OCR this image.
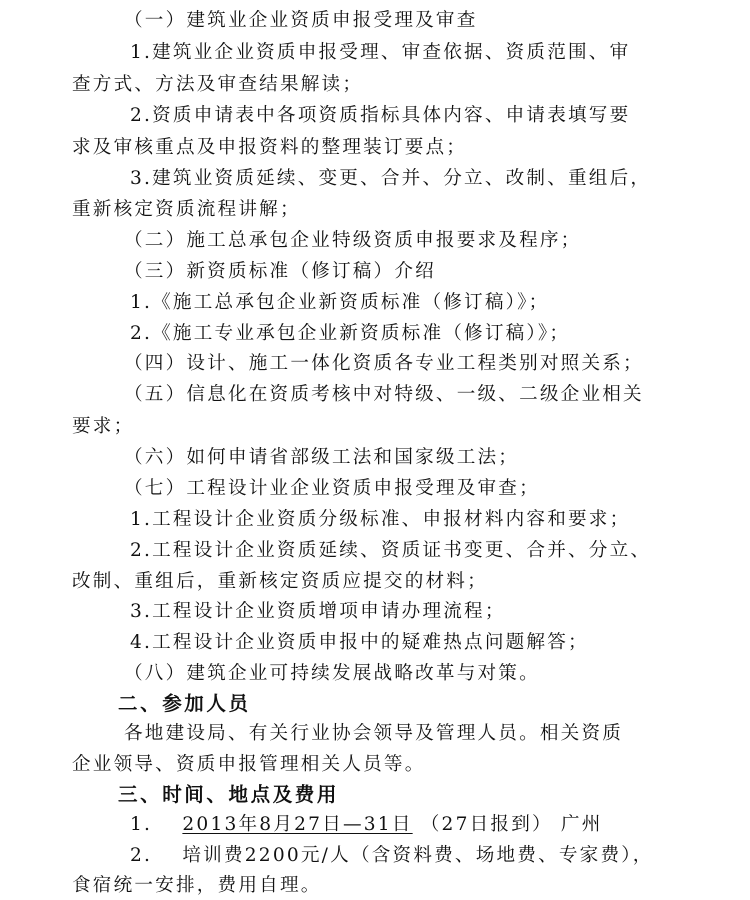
（一）建筑业企业资质申报受理及审查
1.建筑业企业资质申报受理、审查依据、资质范围、审
查方式、方法及审查结果解读；
2.资质申请表中各项资质指标具体内容、申请表填写要
求及审核重点及申报资料的整理装订要点；
3.建筑业资质延续、变更、合并、分立、改制、重组后，
重新核定资质流程讲解；
（二）施工总承包企业特级资质申报要求及程序；
（三）新资质标准（修订稿）介绍
1.《施工总承包企业新资质标准（修订稿）》；
2.《施工专业承包企业新资质标准（修订稿）》；
（四）设计、施工一体化资质各专业工程类别对照关系；
（五）信息化在资质考核中对特级、一级、二级企业相关
要求；
（六）如何申请省部级工法和国家级工法；
（七）工程设计业企业资质申报受理及审查；
1.工程设计企业资质分级标准、申报材料内容和要求；
2.工程设计企业资质延续、资质证书变更、合并、分立、
改制、重组后，重新核定资质应提交的材料；
3.工程设计企业资质增项申请办理流程；
4.工程设计企业资质申报中的疑难热点问题解答；
（八）建筑企业可持续发展战略改革与对策。
二、参加人员
各地建设局、有关行业协会领导及管理人员。相关资质
企业领导、资质申报管理相关人员等。
三、时间、地点及费用
1. 2013年8月27日—31日 （27日报到） 广州
2. 培训费2200元/人（含资料费、场地费、专家费），
食宿统一安排，费用自理。
